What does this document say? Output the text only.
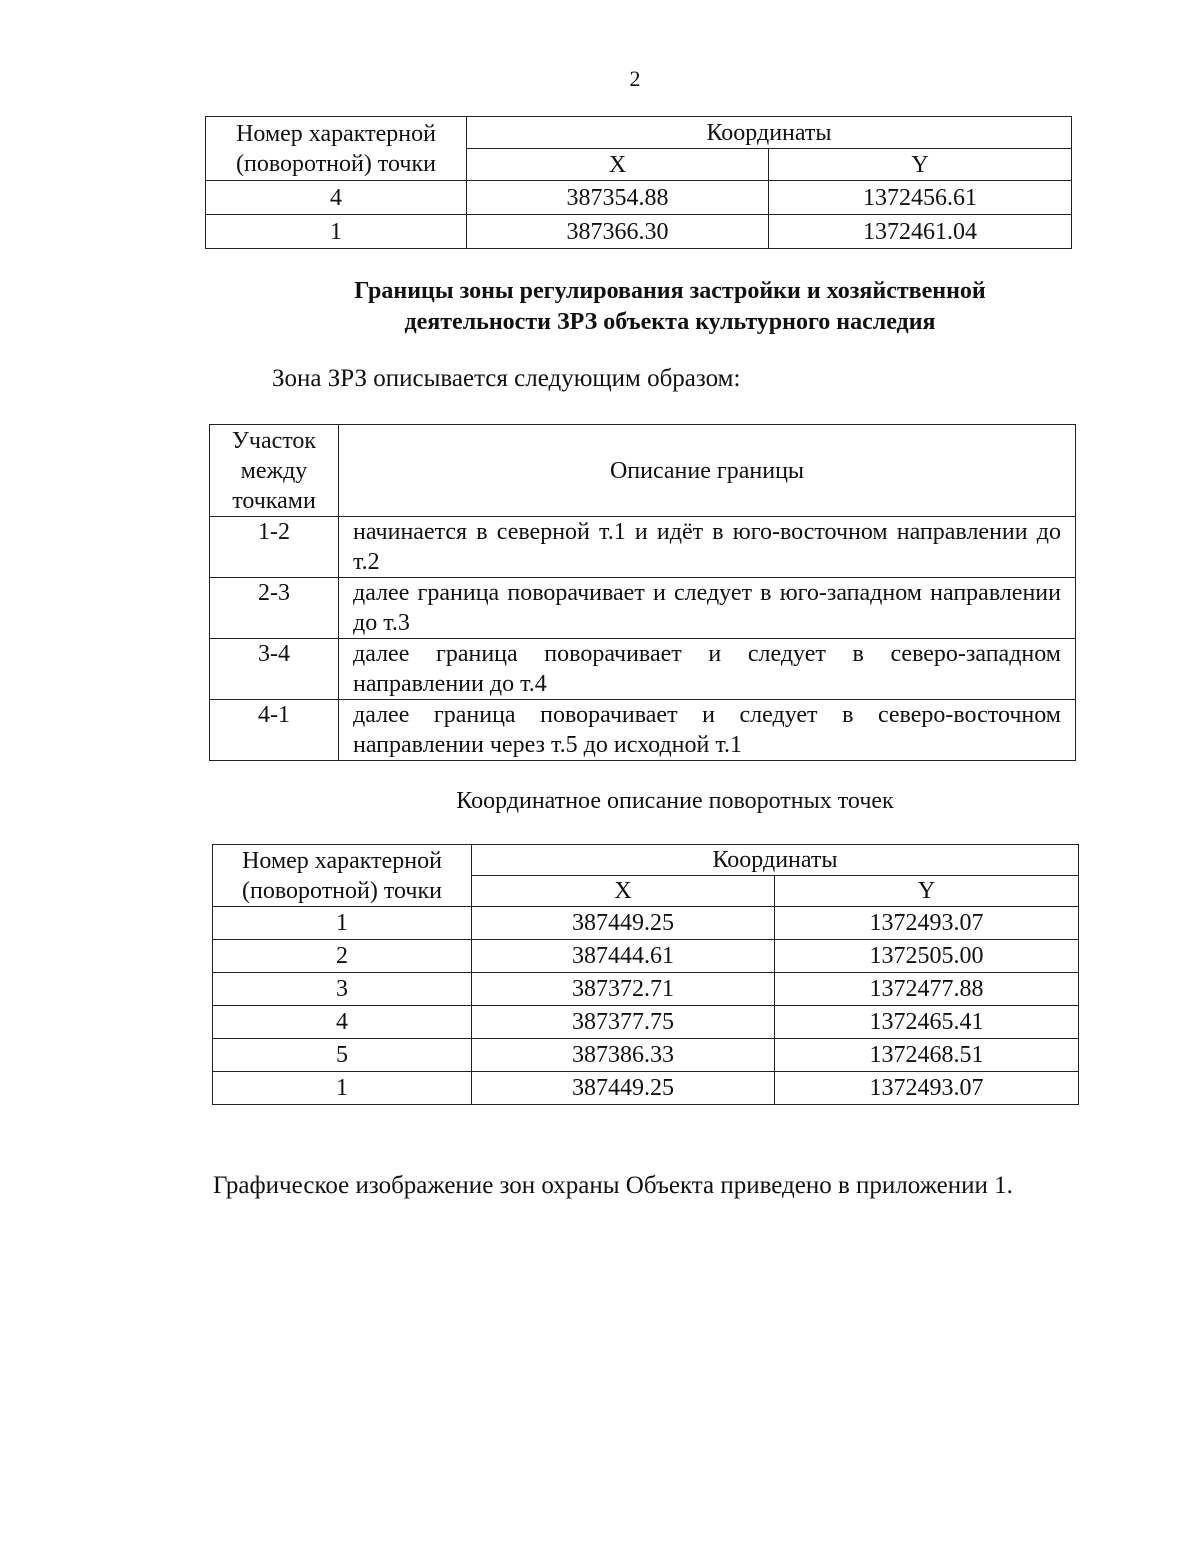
2
Номер характерной
(поворотной) точки	Координаты	
	X	Y
4	387354.88	1372456.61
1	387366.30	1372461.04
Границы зоны регулирования застройки и хозяйственной
деятельности ЗРЗ объекта культурного наследия
Зона ЗРЗ описывается следующим образом:
Участок
между
точками	Описание границы
1-2	начинается в северной т.1 и идёт в юго-восточном направлении до т.2
2-3	далее граница поворачивает и следует в юго-западном направлении до т.3
3-4	далее граница поворачивает и следует в северо-западном направлении до т.4
4-1	далее граница поворачивает и следует в северо-восточном направлении через т.5 до исходной т.1
Координатное описание поворотных точек
Номер характерной
(поворотной) точки	Координаты	
	X	Y
1	387449.25	1372493.07
2	387444.61	1372505.00
3	387372.71	1372477.88
4	387377.75	1372465.41
5	387386.33	1372468.51
1	387449.25	1372493.07
Графическое изображение зон охраны Объекта приведено в приложении 1.
